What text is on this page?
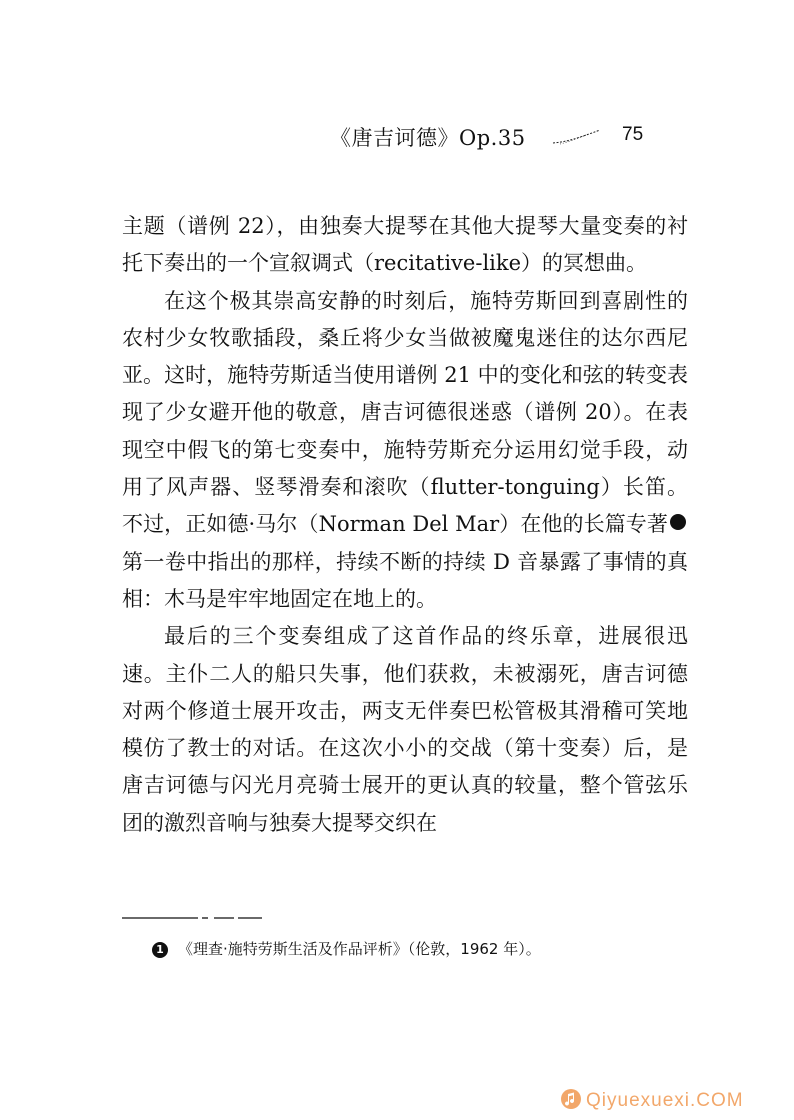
《唐吉诃德》Op.35	75

主题（谱例 22），由独奏大提琴在其他大提琴大量变奏的衬托下奏出的一个宣叙调式（recitative-like）的冥想曲。

在这个极其崇高安静的时刻后，施特劳斯回到喜剧性的农村少女牧歌插段，桑丘将少女当做被魔鬼迷住的达尔西尼亚。这时，施特劳斯适当使用谱例 21 中的变化和弦的转变表现了少女避开他的敬意，唐吉诃德很迷惑（谱例 20）。在表现空中假飞的第七变奏中，施特劳斯充分运用幻觉手段，动用了风声器、竖琴滑奏和滚吹（flutter-tonguing）长笛。不过，正如德·马尔（Norman Del Mar）在他的长篇专著	1 第一卷中指出的那样，持续不断的持续 D 音暴露了事情的真相：木马是牢牢地固定在地上的。

最后的三个变奏组成了这首作品的终乐章，进展很迅速。主仆二人的船只失事，他们获救，未被溺死，唐吉诃德对两个修道士展开攻击，两支无伴奏巴松管极其滑稽可笑地模仿了教士的对话。在这次小小的交战（第十变奏）后，是唐吉诃德与闪光月亮骑士展开的更认真的较量，整个管弦乐团的激烈音响与独奏大提琴交织在

1 《理查·施特劳斯生活及作品评析》（伦敦，1962 年）。
Qiyuexuexi.COM
